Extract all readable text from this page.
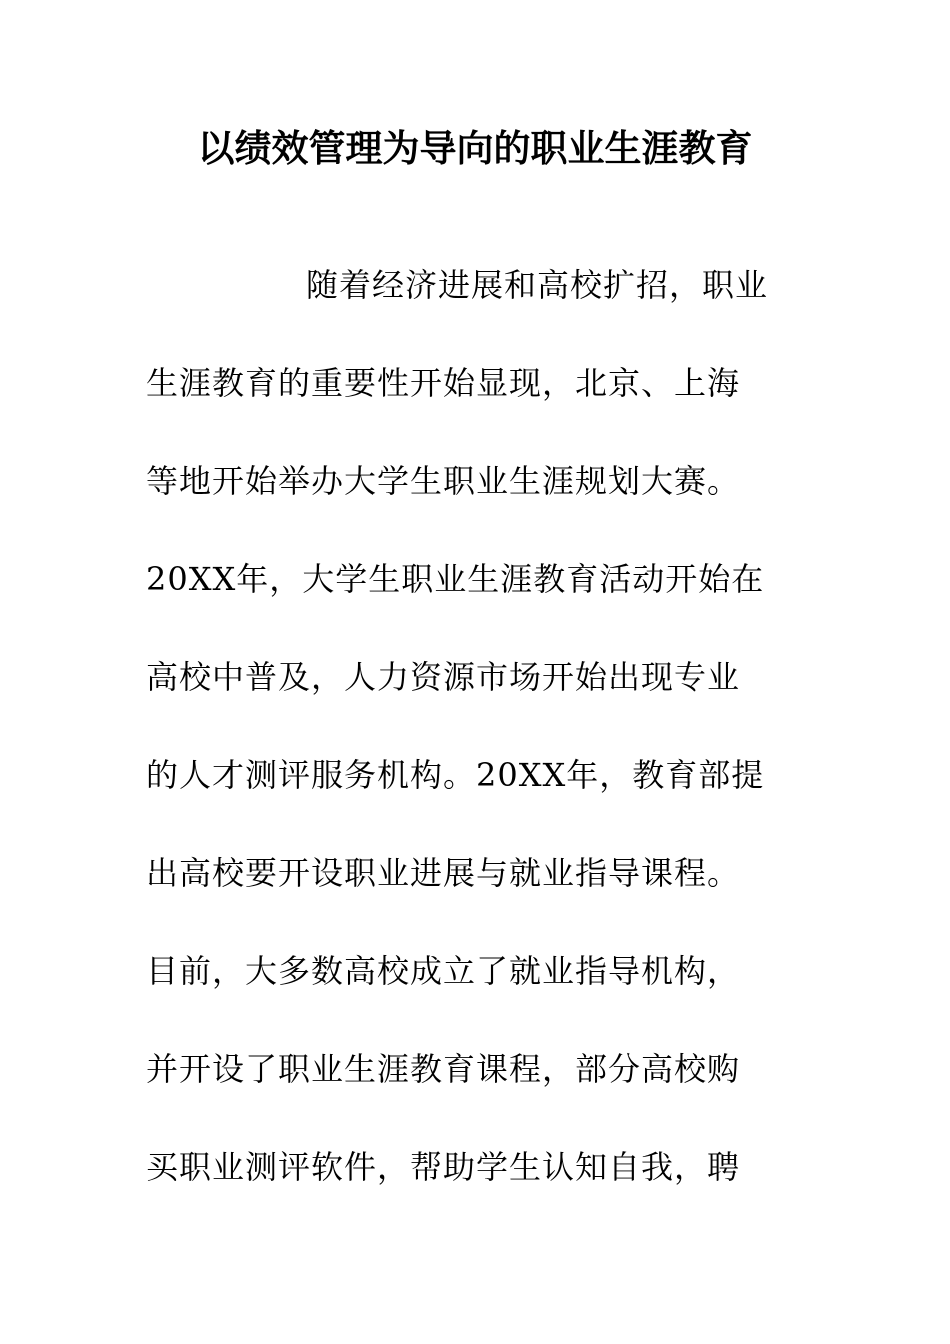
以绩效管理为导向的职业生涯教育
随着经济进展和高校扩招，职业
生涯教育的重要性开始显现，北京、上海
等地开始举办大学生职业生涯规划大赛。
20XX年，大学生职业生涯教育活动开始在
高校中普及，人力资源市场开始出现专业
的人才测评服务机构。20XX年，教育部提
出高校要开设职业进展与就业指导课程。
目前，大多数高校成立了就业指导机构，
并开设了职业生涯教育课程，部分高校购
买职业测评软件，帮助学生认知自我，聘
